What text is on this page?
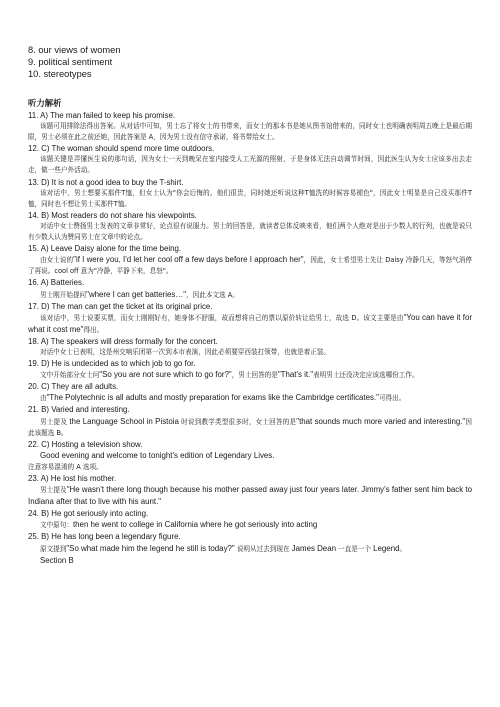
8. our views of women
9. political sentiment
10. stereotypes
听力解析
11. A) The man failed to keep his promise.
该题可用排除法得出答案。从对话中可知，男士忘了将女士的书带来，而女士的那本书是她从图书馆借来的，同时女士也明确表明周五晚上是最后期限，男士必须在此之前还她，因此答案是 A，因为男士没有信守承诺，将书带给女士。
12. C) The woman should spend more time outdoors.
该题关键是弄懂医生说的那句话，因为女士一天到晚呆在室内接受人工光源的照射，于是身体无法自动调节时间，因此医生认为女士应该多出去走走，做一些户外活动。
13. D) It is not a good idea to buy the T-shirt.
该对话中，男士想要买那件T恤，但女士认为"你会后悔的。他们很贵，同时她还听说这种T恤洗的时候容易褪色"，因此女士明显是自己没买那件T恤，同时也不想让男士买那件T恤。
14. B) Most readers do not share his viewpoints.
对话中女士赞扬男士发表的文章非常好，论点很有说服力。男士的回答是，就读者总体反映来看，他们两个人绝对是出于少数人的行列，也就是说只有少数人认为赞同男士在文章中的论点。
15. A) Leave Daisy alone for the time being.
由女士说的"if I were you, I'd let her cool off a few days before I approach her"，因此，女士希望男士先让 Daisy 冷静几天，等怒气消停了再说。cool off 意为"冷静，平静下来，息怒"。
16. A) Batteries.
男士刚开始提问"where I can get batteries…"，因此本文选 A。
17. D) The man can get the ticket at its original price.
该对话中，男士说要买票，而女士刚刚好有，她身体不舒服，故而想将自己的票以原价转让给男士，故选 D。该文主要是由"You can have it for what it cost me"得出。
18. A) The speakers will dress formally for the concert.
对话中女士已表明，这是州交响乐团第一次到本市表演，因此必须要穿西装打领带，也就是着正装。
19. D) He is undecided as to which job to go for.
文中开始部分女士问"So you are not sure which to go for?"，男士回答的是"That's it."表明男士还没决定应该选哪份工作。
20. C) They are all adults.
由"The Polytechnic is all adults and mostly preparation for exams like the Cambridge certificates."可得出。
21. B) Varied and interesting.
男士提及 the Language School in Pistoia 时说到教学类型很多时，女士回答的是"that sounds much more varied and interesting."因此该题选 B。
22. C) Hosting a television show.
Good evening and welcome to tonight's edition of Legendary Lives.
注意容易混淆的 A 选项。
23. A) He lost his mother.
男士提及"He wasn't there long though because his mother passed away just four years later. Jimmy's father sent him back to Indiana after that to live with his aunt."
24. B) He got seriously into acting.
文中原句：then he went to college in California where he got seriously into acting
25. B) He has long been a legendary figure.
原文提到"So what made him the legend he still is today?" 说明从过去到现在 James Dean 一直是一个 Legend。
Section B
